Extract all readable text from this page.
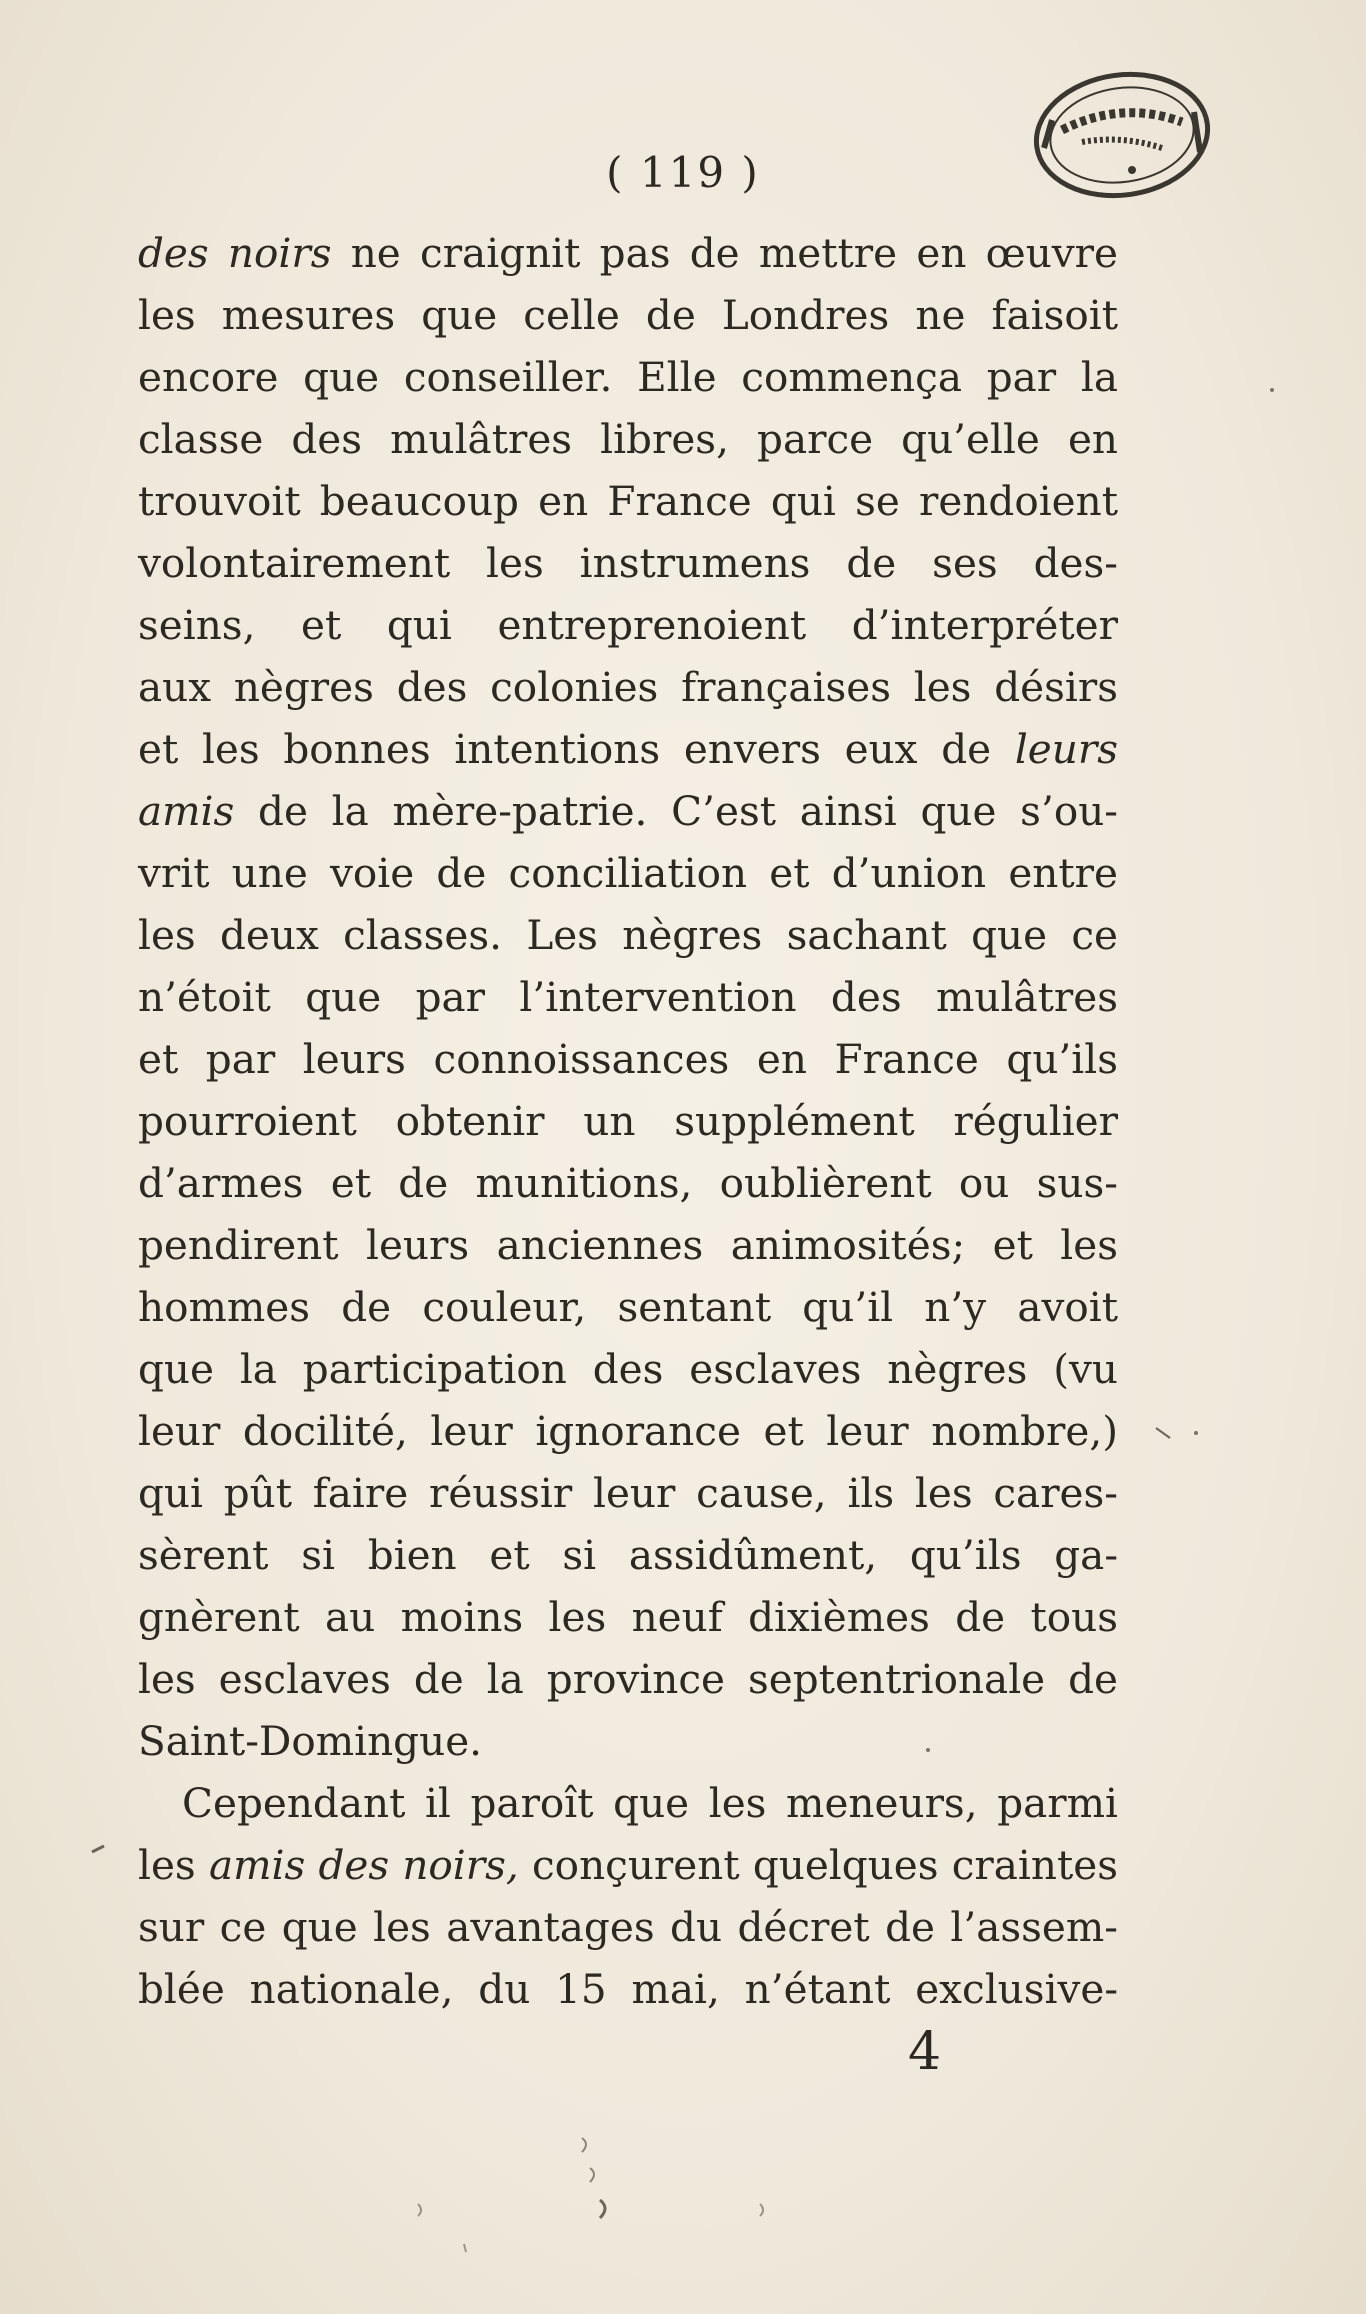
( 119 )
des noirs ne craignit pas de mettre en œuvre
les mesures que celle de Londres ne faisoit
encore que conseiller. Elle commença par la
classe des mulâtres libres, parce qu’elle en
trouvoit beaucoup en France qui se rendoient
volontairement les instrumens de ses des-
seins, et qui entreprenoient d’interpréter
aux nègres des colonies françaises les désirs
et les bonnes intentions envers eux de leurs
amis de la mère-patrie. C’est ainsi que s’ou-
vrit une voie de conciliation et d’union entre
les deux classes. Les nègres sachant que ce
n’étoit que par l’intervention des mulâtres
et par leurs connoissances en France qu’ils
pourroient obtenir un supplément régulier
d’armes et de munitions, oublièrent ou sus-
pendirent leurs anciennes animosités; et les
hommes de couleur, sentant qu’il n’y avoit
que la participation des esclaves nègres (vu
leur docilité, leur ignorance et leur nombre,)
qui pût faire réussir leur cause, ils les cares-
sèrent si bien et si assidûment, qu’ils ga-
gnèrent au moins les neuf dixièmes de tous
les esclaves de la province septentrionale de
Saint-Domingue.
Cependant il paroît que les meneurs, parmi
les amis des noirs, conçurent quelques craintes
sur ce que les avantages du décret de l’assem-
blée nationale, du 15 mai, n’étant exclusive-
4
